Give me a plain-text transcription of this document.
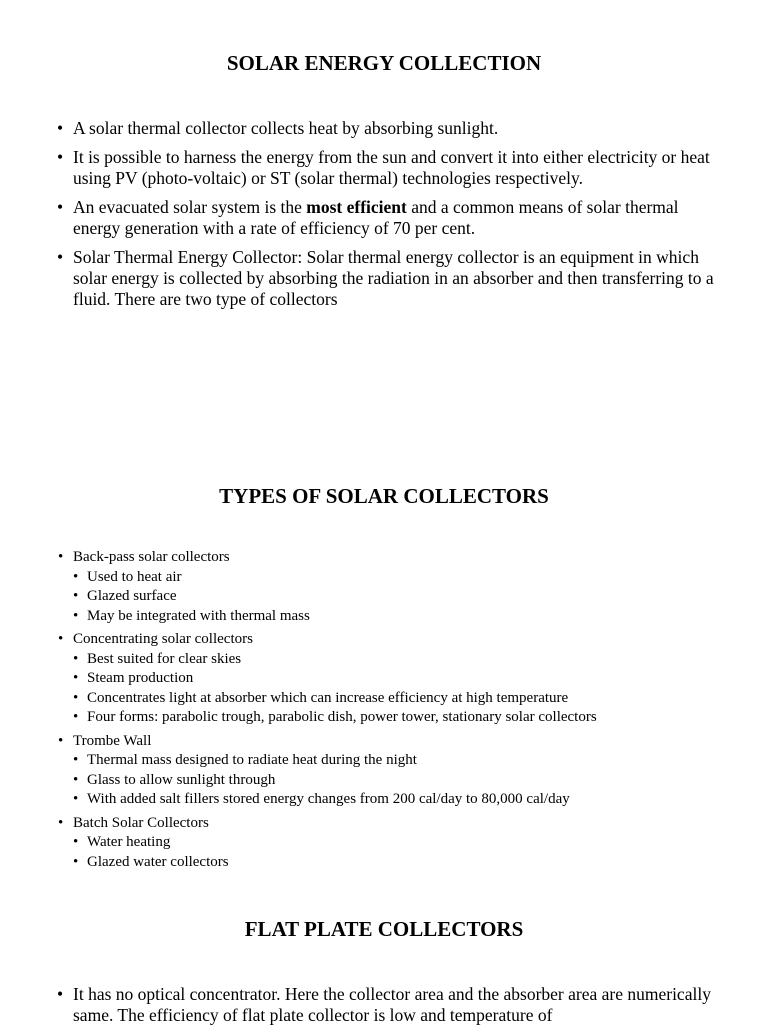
SOLAR ENERGY COLLECTION
• A solar thermal collector collects heat by absorbing sunlight.
• It is possible to harness the energy from the sun and convert it into either electricity or heat using PV (photo-voltaic) or ST (solar thermal) technologies respectively.
• An evacuated solar system is the most efficient and a common means of solar thermal energy generation with a rate of efficiency of 70 per cent.
• Solar Thermal Energy Collector: Solar thermal energy collector is an equipment in which solar energy is collected by absorbing the radiation in an absorber and then transferring to a fluid. There are two type of collectors
TYPES OF SOLAR COLLECTORS
• Back-pass solar collectors
• Used to heat air
• Glazed surface
• May be integrated with thermal mass
• Concentrating solar collectors
• Best suited for clear skies
• Steam production
• Concentrates light at absorber which can increase efficiency at high temperature
• Four forms: parabolic trough, parabolic dish, power tower, stationary solar collectors
• Trombe Wall
• Thermal mass designed to radiate heat during the night
• Glass to allow sunlight through
• With added salt fillers stored energy changes from 200 cal/day to 80,000 cal/day
• Batch Solar Collectors
• Water heating
• Glazed water collectors
FLAT PLATE COLLECTORS
• It has no optical concentrator. Here the collector area and the absorber area are numerically same. The efficiency of flat plate collector is low and temperature of
